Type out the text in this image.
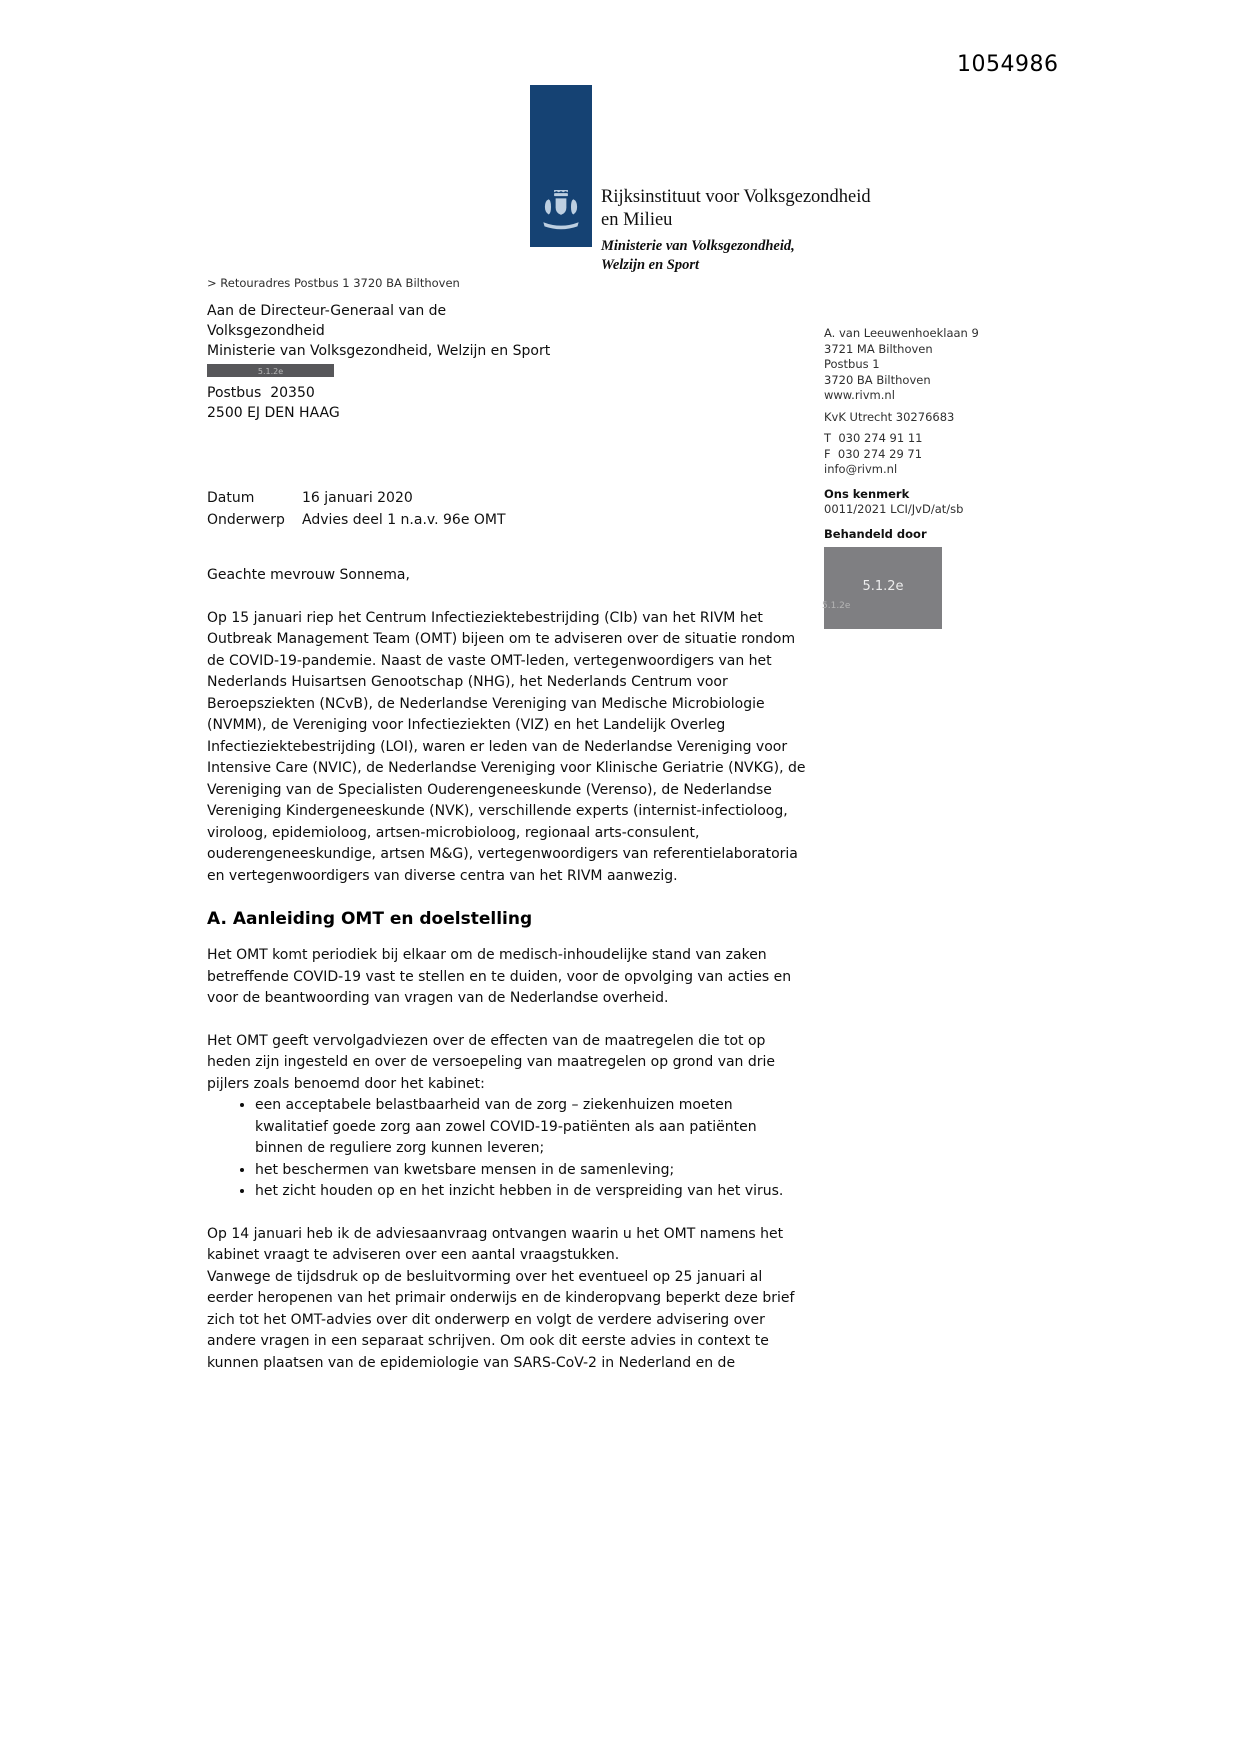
1054986
Rijksinstituut voor Volksgezondheid
en Milieu
Ministerie van Volksgezondheid,
Welzijn en Sport
> Retouradres Postbus 1 3720 BA Bilthoven
Aan de Directeur-Generaal van de
Volksgezondheid
Ministerie van Volksgezondheid, Welzijn en Sport
5.1.2e
Postbus  20350
2500 EJ DEN HAAG
Datum	16 januari 2020
Onderwerp	Advies deel 1 n.a.v. 96e OMT
A. van Leeuwenhoeklaan 9
3721 MA Bilthoven
Postbus 1
3720 BA Bilthoven
www.rivm.nl
KvK Utrecht 30276683
T  030 274 91 11
F  030 274 29 71
info@rivm.nl
Ons kenmerk
0011/2021 LCI/JvD/at/sb
Behandeld door
5.1.2e
5.1.2e

Geachte mevrouw Sonnema,

Op 15 januari riep het Centrum Infectieziektebestrijding (CIb) van het RIVM het Outbreak Management Team (OMT) bijeen om te adviseren over de situatie rondom de COVID-19-pandemie. Naast de vaste OMT-leden, vertegenwoordigers van het Nederlands Huisartsen Genootschap (NHG), het Nederlands Centrum voor Beroepsziekten (NCvB), de Nederlandse Vereniging van Medische Microbiologie (NVMM), de Vereniging voor Infectieziekten (VIZ) en het Landelijk Overleg Infectieziektebestrijding (LOI), waren er leden van de Nederlandse Vereniging voor Intensive Care (NVIC), de Nederlandse Vereniging voor Klinische Geriatrie (NVKG), de Vereniging van de Specialisten Ouderengeneeskunde (Verenso), de Nederlandse Vereniging Kindergeneeskunde (NVK), verschillende experts (internist-infectioloog, viroloog, epidemioloog, artsen-microbioloog, regionaal arts-consulent, ouderengeneeskundige, artsen M&G), vertegenwoordigers van referentielaboratoria en vertegenwoordigers van diverse centra van het RIVM aanwezig.

A. Aanleiding OMT en doelstelling

Het OMT komt periodiek bij elkaar om de medisch-inhoudelijke stand van zaken betreffende COVID-19 vast te stellen en te duiden, voor de opvolging van acties en voor de beantwoording van vragen van de Nederlandse overheid.

Het OMT geeft vervolgadviezen over de effecten van de maatregelen die tot op heden zijn ingesteld en over de versoepeling van maatregelen op grond van drie pijlers zoals benoemd door het kabinet:

• een acceptabele belastbaarheid van de zorg – ziekenhuizen moeten kwalitatief goede zorg aan zowel COVID-19-patiënten als aan patiënten binnen de reguliere zorg kunnen leveren;
• het beschermen van kwetsbare mensen in de samenleving;
• het zicht houden op en het inzicht hebben in de verspreiding van het virus.

Op 14 januari heb ik de adviesaanvraag ontvangen waarin u het OMT namens het kabinet vraagt te adviseren over een aantal vraagstukken.

Vanwege de tijdsdruk op de besluitvorming over het eventueel op 25 januari al eerder heropenen van het primair onderwijs en de kinderopvang beperkt deze brief zich tot het OMT-advies over dit onderwerp en volgt de verdere advisering over andere vragen in een separaat schrijven. Om ook dit eerste advies in context te kunnen plaatsen van de epidemiologie van SARS-CoV-2 in Nederland en de
